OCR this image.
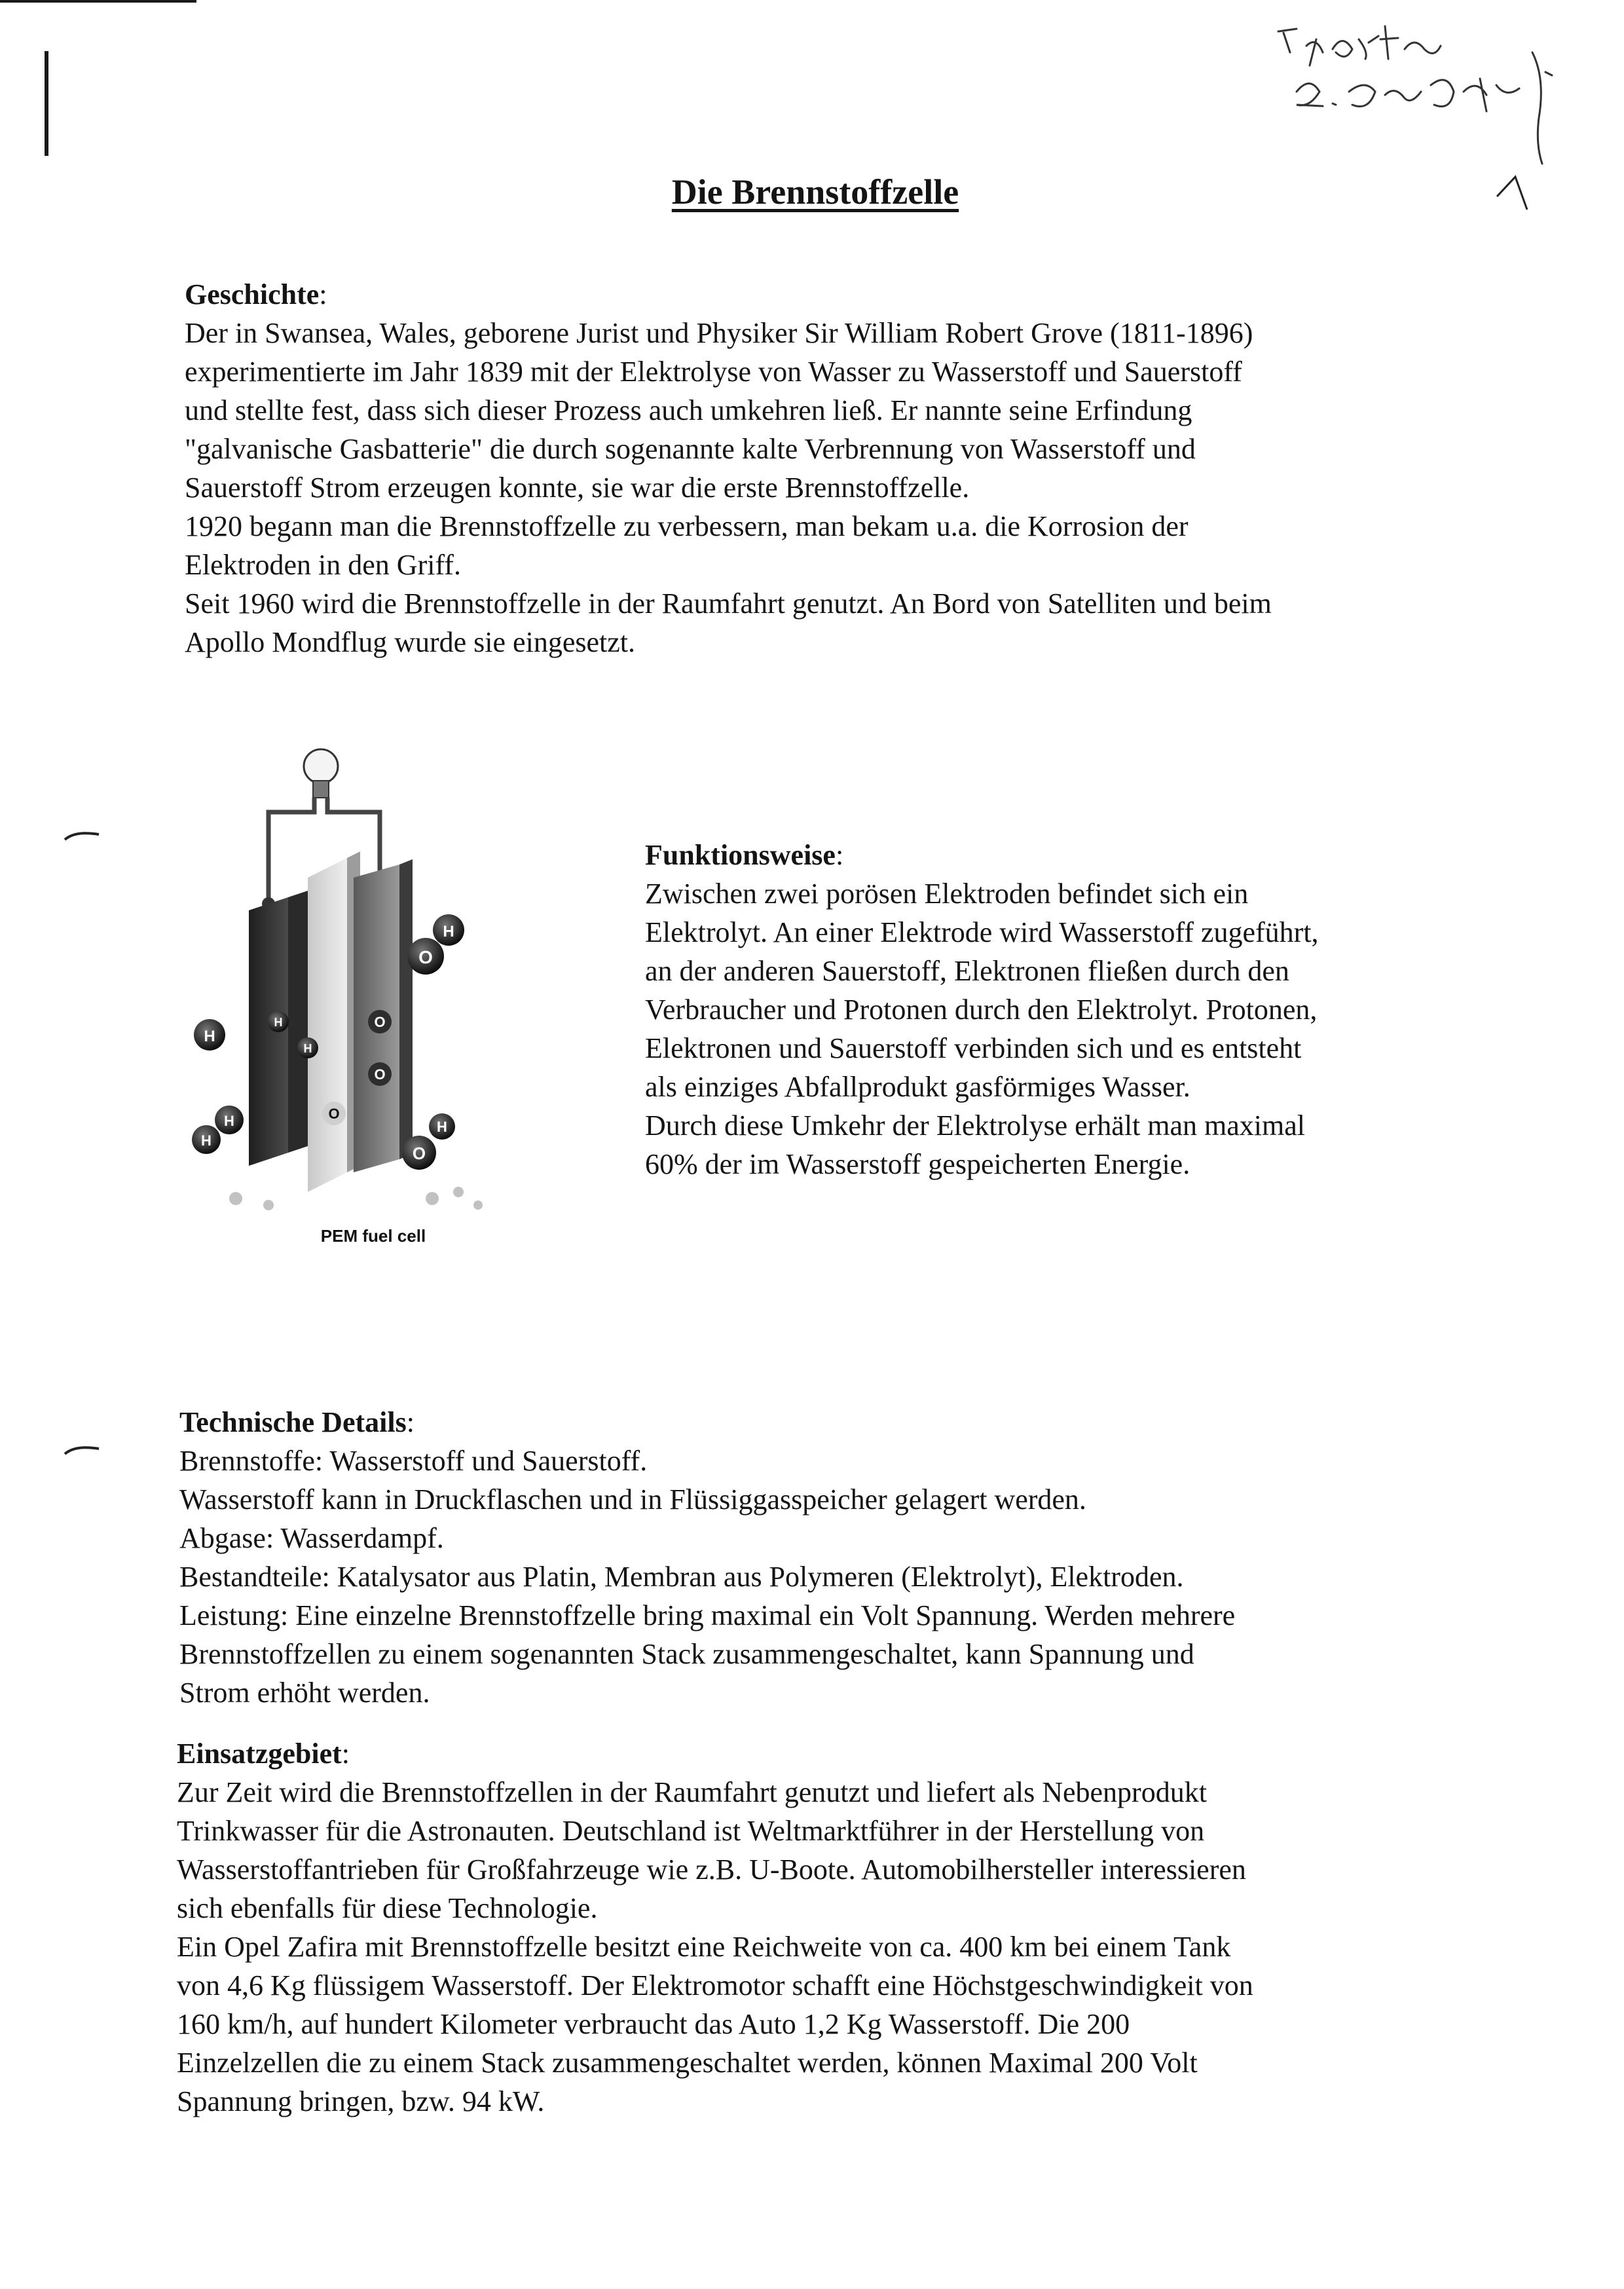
Die Brennstoffzelle
Geschichte:

Der in Swansea, Wales, geborene Jurist und Physiker Sir William Robert Grove (1811-1896)

experimentierte im Jahr 1839 mit der Elektrolyse von Wasser zu Wasserstoff und Sauerstoff

und stellte fest, dass sich dieser Prozess auch umkehren ließ. Er nannte seine Erfindung

"galvanische Gasbatterie" die durch sogenannte kalte Verbrennung von Wasserstoff und

Sauerstoff Strom erzeugen konnte, sie war die erste Brennstoffzelle.

1920 begann man die Brennstoffzelle zu verbessern, man bekam u.a. die Korrosion der

Elektroden in den Griff.

Seit 1960 wird die Brennstoffzelle in der Raumfahrt genutzt. An Bord von Satelliten und beim

Apollo Mondflug wurde sie eingesetzt.

H
H
H
H
H
H
H
O
O
O
O
O
PEM fuel cell
Funktionsweise:

Zwischen zwei porösen Elektroden befindet sich ein

Elektrolyt. An einer Elektrode wird Wasserstoff zugeführt,

an der anderen Sauerstoff, Elektronen fließen durch den

Verbraucher und Protonen durch den Elektrolyt. Protonen,

Elektronen und Sauerstoff verbinden sich und es entsteht

als einziges Abfallprodukt gasförmiges Wasser.

Durch diese Umkehr der Elektrolyse erhält man maximal

60% der im Wasserstoff gespeicherten Energie.

Technische Details:

Brennstoffe: Wasserstoff und Sauerstoff.

Wasserstoff kann in Druckflaschen und in Flüssiggasspeicher gelagert werden.

Abgase: Wasserdampf.

Bestandteile: Katalysator aus Platin, Membran aus Polymeren (Elektrolyt), Elektroden.

Leistung: Eine einzelne Brennstoffzelle bring maximal ein Volt Spannung. Werden mehrere

Brennstoffzellen zu einem sogenannten Stack zusammengeschaltet, kann Spannung und

Strom erhöht werden.

Einsatzgebiet:

Zur Zeit wird die Brennstoffzellen in der Raumfahrt genutzt und liefert als Nebenprodukt

Trinkwasser für die Astronauten. Deutschland ist Weltmarktführer in der Herstellung von

Wasserstoffantrieben für Großfahrzeuge wie z.B. U-Boote. Automobilhersteller interessieren

sich ebenfalls für diese Technologie.

Ein Opel Zafira mit Brennstoffzelle besitzt eine Reichweite von ca. 400 km bei einem Tank

von 4,6 Kg flüssigem Wasserstoff. Der Elektromotor schafft eine Höchstgeschwindigkeit von

160 km/h, auf hundert Kilometer verbraucht das Auto 1,2 Kg Wasserstoff. Die 200

Einzelzellen die zu einem Stack zusammengeschaltet werden, können Maximal 200 Volt

Spannung bringen, bzw. 94 kW.
